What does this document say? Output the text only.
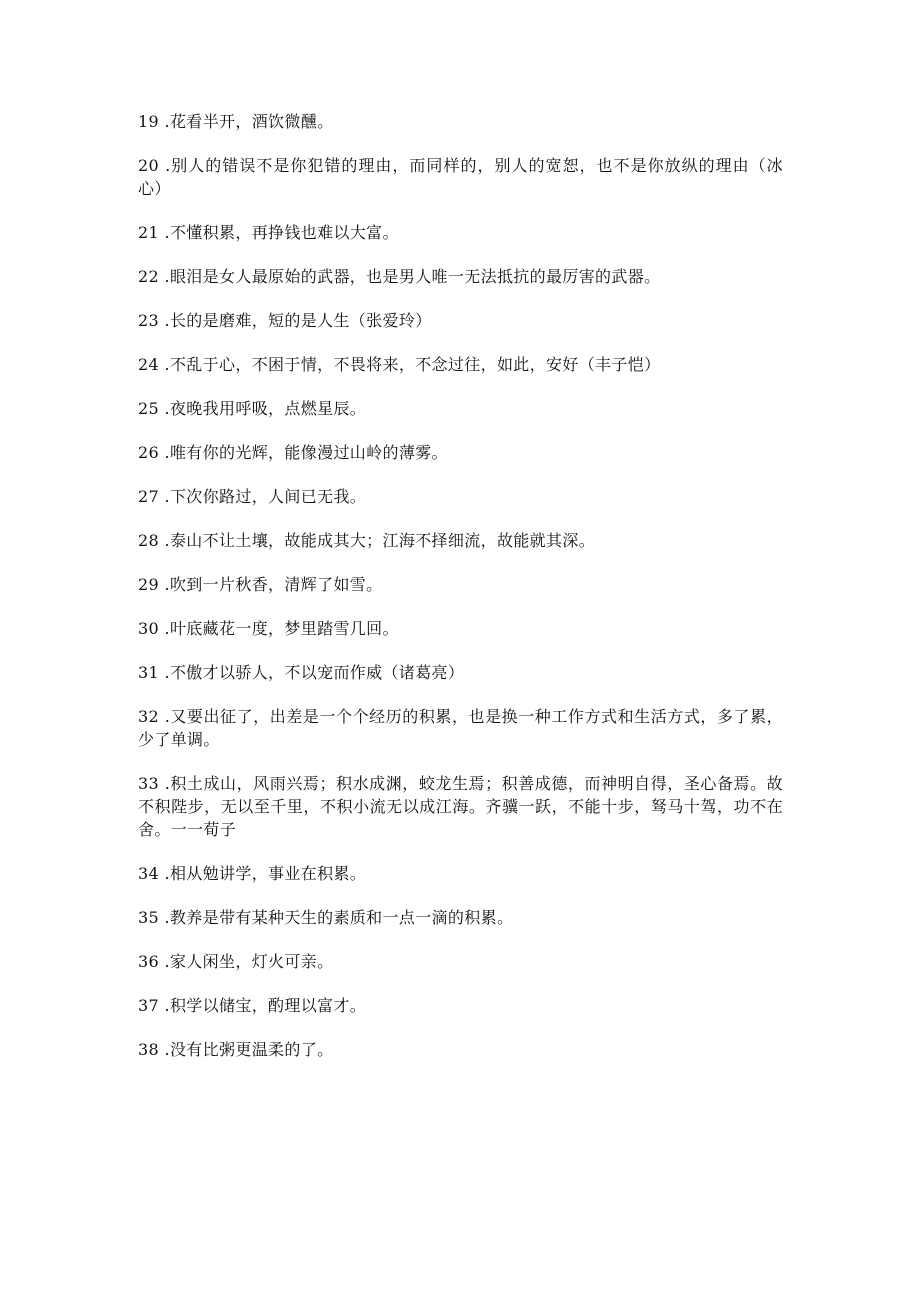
19 .花看半开，酒饮微醺。
20 .别人的错误不是你犯错的理由，而同样的，别人的宽恕，也不是你放纵的理由（冰心）
21 .不懂积累，再挣钱也难以大富。
22 .眼泪是女人最原始的武器，也是男人唯一无法抵抗的最厉害的武器。
23 .长的是磨难，短的是人生（张爱玲）
24 .不乱于心，不困于情，不畏将来，不念过往，如此，安好（丰子恺）
25 .夜晚我用呼吸，点燃星辰。
26 .唯有你的光辉，能像漫过山岭的薄雾。
27 .下次你路过，人间已无我。
28 .泰山不让土壤，故能成其大；江海不择细流，故能就其深。
29 .吹到一片秋香，清辉了如雪。
30 .叶底藏花一度，梦里踏雪几回。
31 .不傲才以骄人，不以宠而作威（诸葛亮）
32 .又要出征了，出差是一个个经历的积累，也是换一种工作方式和生活方式，多了累，少了单调。
33 .积土成山，风雨兴焉；积水成渊，蛟龙生焉；积善成德，而神明自得，圣心备焉。故不积陛步，无以至千里，不积小流无以成江海。齐骥一跃，不能十步，驽马十驾，功不在舍。一一荀子
34 .相从勉讲学，事业在积累。
35 .教养是带有某种天生的素质和一点一滴的积累。
36 .家人闲坐，灯火可亲。
37 .积学以储宝，酌理以富才。
38 .没有比粥更温柔的了。
